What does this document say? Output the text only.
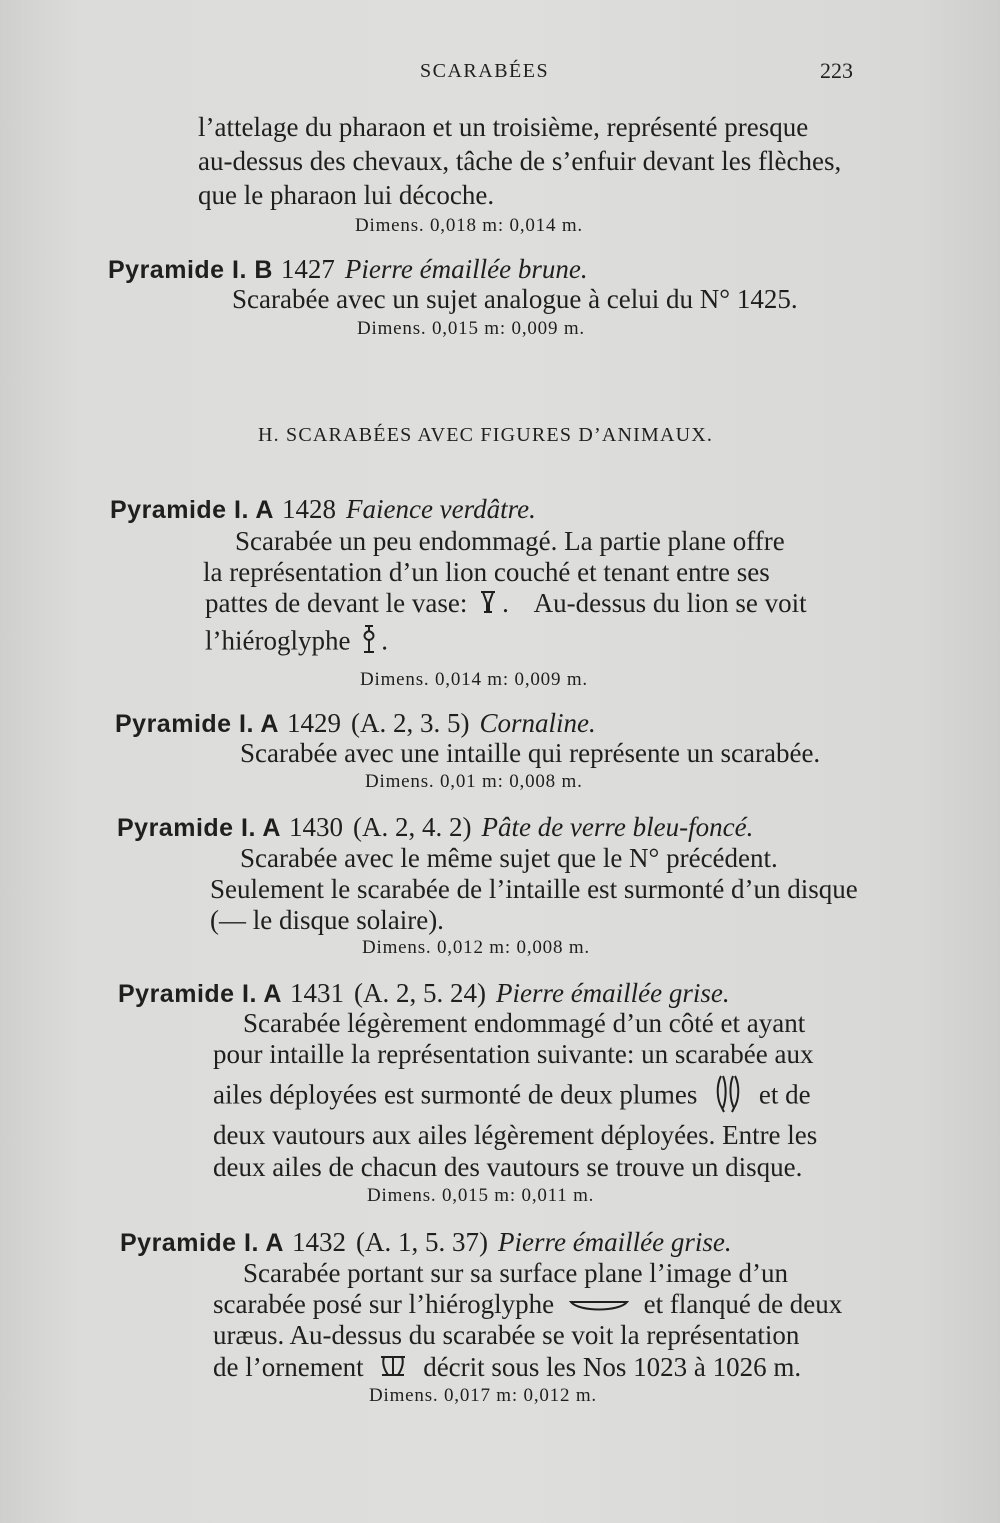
SCARABÉES	223
l’attelage du pharaon et un troisième, représenté presque
au-dessus des chevaux, tâche de s’enfuir devant les flèches,
que le pharaon lui décoche.
Dimens. 0,018 m: 0,014 m.
Pyramide I. B 1427 Pierre émaillée brune.
Scarabée avec un sujet analogue à celui du N° 1425.
Dimens. 0,015 m: 0,009 m.
H. SCARABÉES AVEC FIGURES D’ANIMAUX.
Pyramide I. A 1428 Faience verdâtre.
Scarabée un peu endommagé. La partie plane offre
la représentation d’un lion couché et tenant entre ses
pattes de devant le vase: . Au-dessus du lion se voit
l’hiéroglyphe .
Dimens. 0,014 m: 0,009 m.
Pyramide I. A 1429 (A. 2, 3. 5) Cornaline.
Scarabée avec une intaille qui représente un scarabée.
Dimens. 0,01 m: 0,008 m.
Pyramide I. A 1430 (A. 2, 4. 2) Pâte de verre bleu-foncé.
Scarabée avec le même sujet que le N° précédent.
Seulement le scarabée de l’intaille est surmonté d’un disque
(— le disque solaire).
Dimens. 0,012 m: 0,008 m.
Pyramide I. A 1431 (A. 2, 5. 24) Pierre émaillée grise.
Scarabée légèrement endommagé d’un côté et ayant
pour intaille la représentation suivante: un scarabée aux
ailes déployées est surmonté de deux plumes et de
deux vautours aux ailes légèrement déployées. Entre les
deux ailes de chacun des vautours se trouve un disque.
Dimens. 0,015 m: 0,011 m.
Pyramide I. A 1432 (A. 1, 5. 37) Pierre émaillée grise.
Scarabée portant sur sa surface plane l’image d’un
scarabée posé sur l’hiéroglyphe	et flanqué de deux
uræus. Au-dessus du scarabée se voit la représentation
de l’ornement décrit sous les Nos 1023 à 1026 m.
Dimens. 0,017 m: 0,012 m.
